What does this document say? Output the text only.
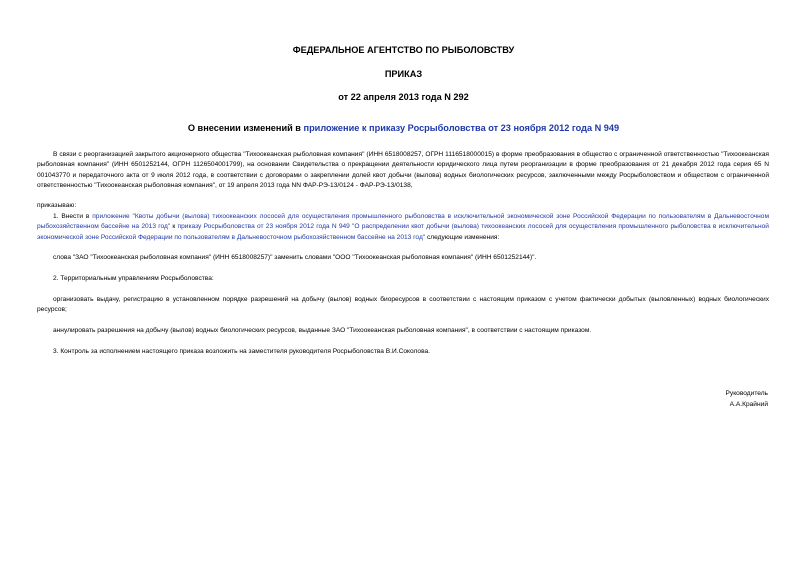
ФЕДЕРАЛЬНОЕ АГЕНТСТВО ПО РЫБОЛОВСТВУ
ПРИКАЗ
от 22 апреля 2013 года N 292
О внесении изменений в приложение к приказу Росрыболовства от 23 ноября 2012 года N 949
В связи с реорганизацией закрытого акционерного общества "Тихоокеанская рыболовная компания" (ИНН 6518008257, ОГРН 1116518000015) в форме преобразования в общество с ограниченной ответственностью "Тихоокеанская рыболовная компания" (ИНН 6501252144, ОГРН 1126504001799), на основании Свидетельства о прекращении деятельности юридического лица путем реорганизации в форме преобразования от 21 декабря 2012 года серия 65 N 001043770 и передаточного акта от 9 июля 2012 года, в соответствии с договорами о закреплении долей квот добычи (вылова) водных биологических ресурсов, заключенными между Росрыболовством и обществом с ограниченной ответственностью "Тихоокеанская рыболовная компания", от 19 апреля 2013 года NN ФАР-РЭ-13/0124 - ФАР-РЭ-13/0138,
приказываю:
1. Внести в приложение "Квоты добычи (вылова) тихоокеанских лососей для осуществления промышленного рыболовства в исключительной экономической зоне Российской Федерации по пользователям в Дальневосточном рыбохозяйственном бассейне на 2013 год" к приказу Росрыболовства от 23 ноября 2012 года N 949 "О распределении квот добычи (вылова) тихоокеанских лососей для осуществления промышленного рыболовства в исключительной экономической зоне Российской Федерации по пользователям в Дальневосточном рыбохозяйственном бассейне на 2013 год" следующие изменения:
слова "ЗАО "Тихоокеанская рыболовная компания" (ИНН 6518008257)" заменить словами "ООО "Тихоокеанская рыболовная компания" (ИНН 6501252144)".
2. Территориальным управлениям Росрыболовства:
организовать выдачу, регистрацию в установленном порядке разрешений на добычу (вылов) водных биоресурсов в соответствии с настоящим приказом с учетом фактически добытых (выловленных) водных биологических ресурсов;
аннулировать разрешения на добычу (вылов) водных биологических ресурсов, выданные ЗАО "Тихоокеанская рыболовная компания", в соответствии с настоящим приказом.
3. Контроль за исполнением настоящего приказа возложить на заместителя руководителя Росрыболовства В.И.Соколова.
Руководитель
А.А.Крайний
